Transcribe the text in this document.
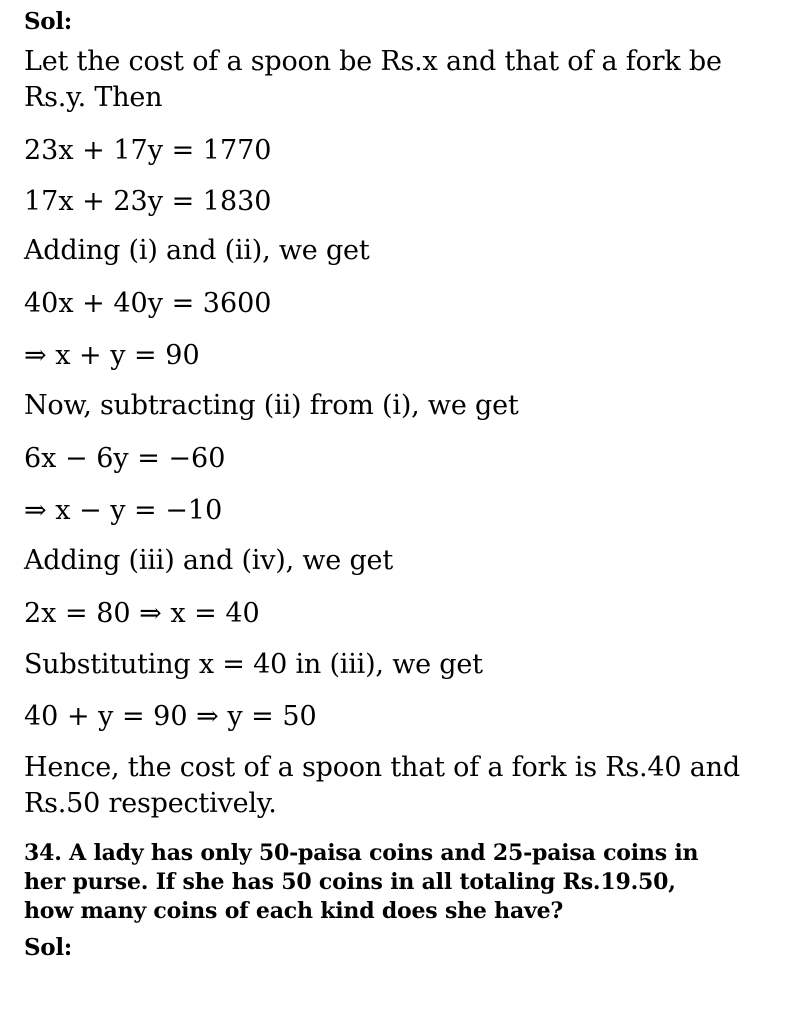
Sol:
Let the cost of a spoon be Rs.x and that of a fork be
Rs.y. Then
23x + 17y = 1770
17x + 23y = 1830
Adding (i) and (ii), we get
40x + 40y = 3600
⇒ x + y = 90
Now, subtracting (ii) from (i), we get
6x − 6y = −60
⇒ x − y = −10
Adding (iii) and (iv), we get
2x = 80 ⇒ x = 40
Substituting x = 40 in (iii), we get
40 + y = 90 ⇒ y = 50
Hence, the cost of a spoon that of a fork is Rs.40 and
Rs.50 respectively.
34. A lady has only 50-paisa coins and 25-paisa coins in
her purse. If she has 50 coins in all totaling Rs.19.50,
how many coins of each kind does she have?
Sol:
